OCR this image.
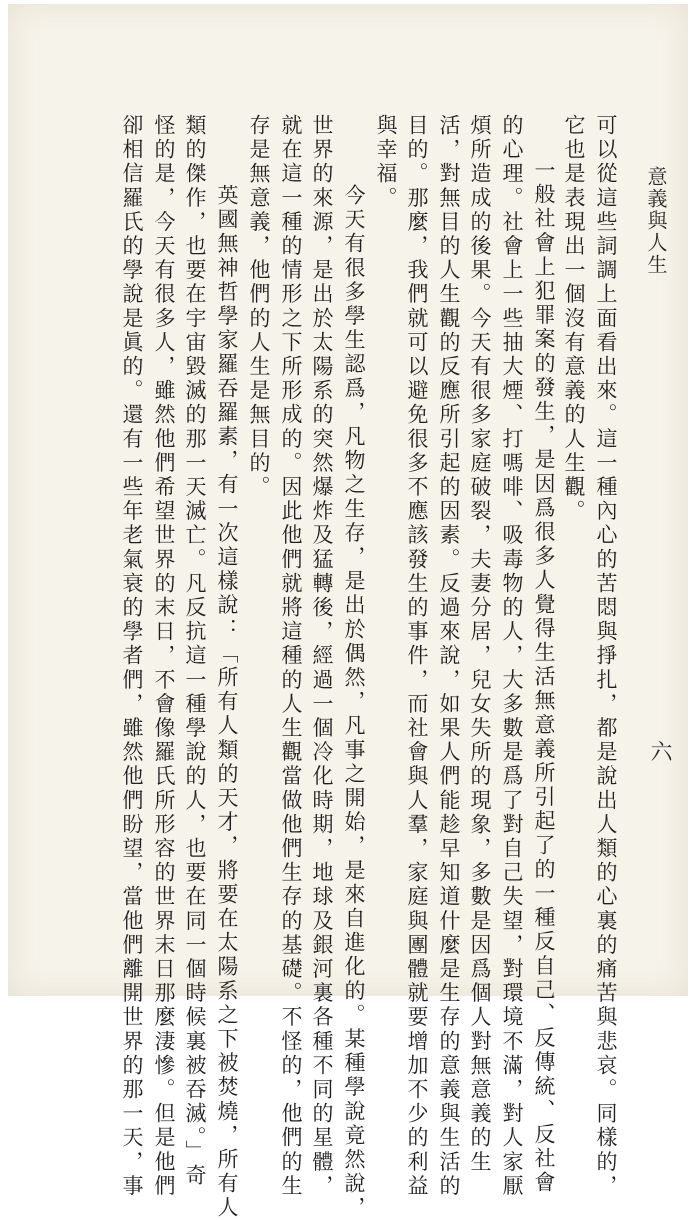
意義與人生
六
可以從這些詞調上面看出來。這一種內心的苦悶與掙扎，都是說出人類的心裏的痛苦與悲哀。同樣的，
它也是表現出一個沒有意義的人生觀。
一般社會上犯罪案的發生，是因爲很多人覺得生活無意義所引起了的一種反自己、反傳統、反社會
的心理。社會上一些抽大煙、打嗎啡、吸毒物的人，大多數是爲了對自己失望，對環境不滿，對人家厭
煩所造成的後果。今天有很多家庭破裂，夫妻分居，兒女失所的現象，多數是因爲個人對無意義的生
活，對無目的人生觀的反應所引起的因素。反過來說，如果人們能趁早知道什麼是生存的意義與生活的
目的。那麼，我們就可以避免很多不應該發生的事件，而社會與人羣，家庭與團體就要增加不少的利益
與幸福。
今天有很多學生認爲，凡物之生存，是出於偶然，凡事之開始，是來自進化的。某種學說竟然說，
世界的來源，是出於太陽系的突然爆炸及猛轉後，經過一個冷化時期，地球及銀河裏各種不同的星體，
就在這一種的情形之下所形成的。因此他們就將這種的人生觀當做他們生存的基礎。不怪的，他們的生
存是無意義，他們的人生是無目的。
英國無神哲學家羅吞羅素，有一次這樣說：「所有人類的天才，將要在太陽系之下被焚燒，所有人
類的傑作，也要在宇宙毀滅的那一天滅亡。凡反抗這一種學說的人，也要在同一個時候裏被吞滅。」奇
怪的是，今天有很多人，雖然他們希望世界的末日，不會像羅氏所形容的世界末日那麼淒慘。但是他們
卻相信羅氏的學說是眞的。還有一些年老氣衰的學者們，雖然他們盼望，當他們離開世界的那一天，事
